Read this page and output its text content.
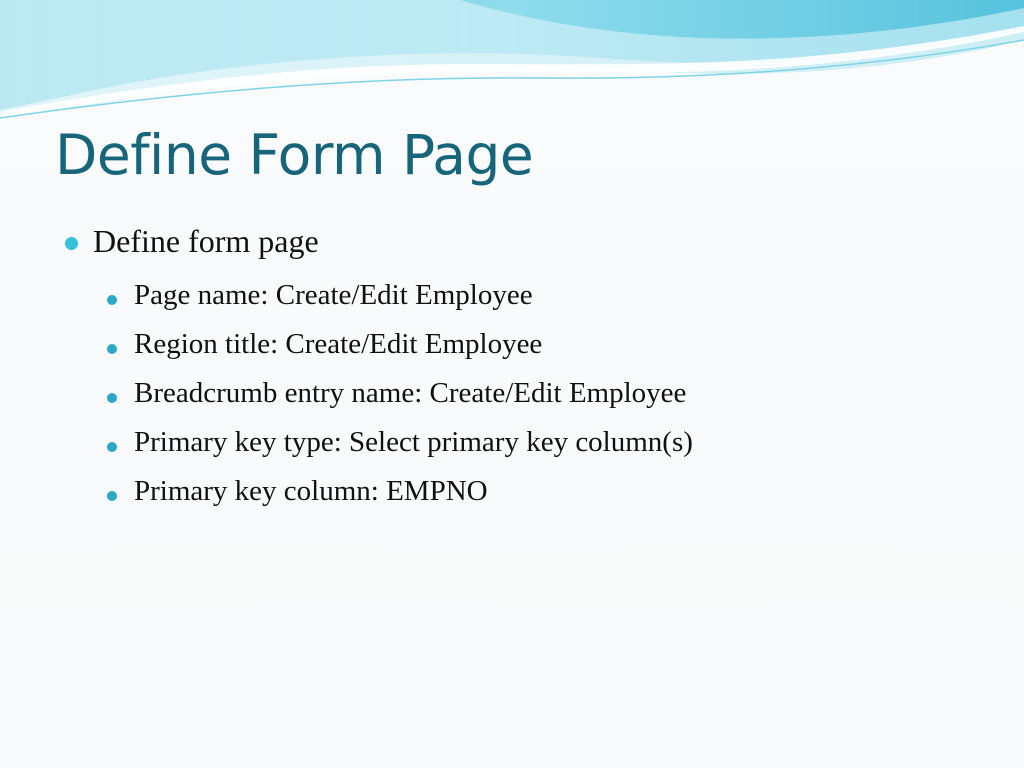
Define Form Page
Define form page
Page name: Create/Edit Employee
Region title: Create/Edit Employee
Breadcrumb entry name: Create/Edit Employee
Primary key type: Select primary key column(s)
Primary key column: EMPNO
